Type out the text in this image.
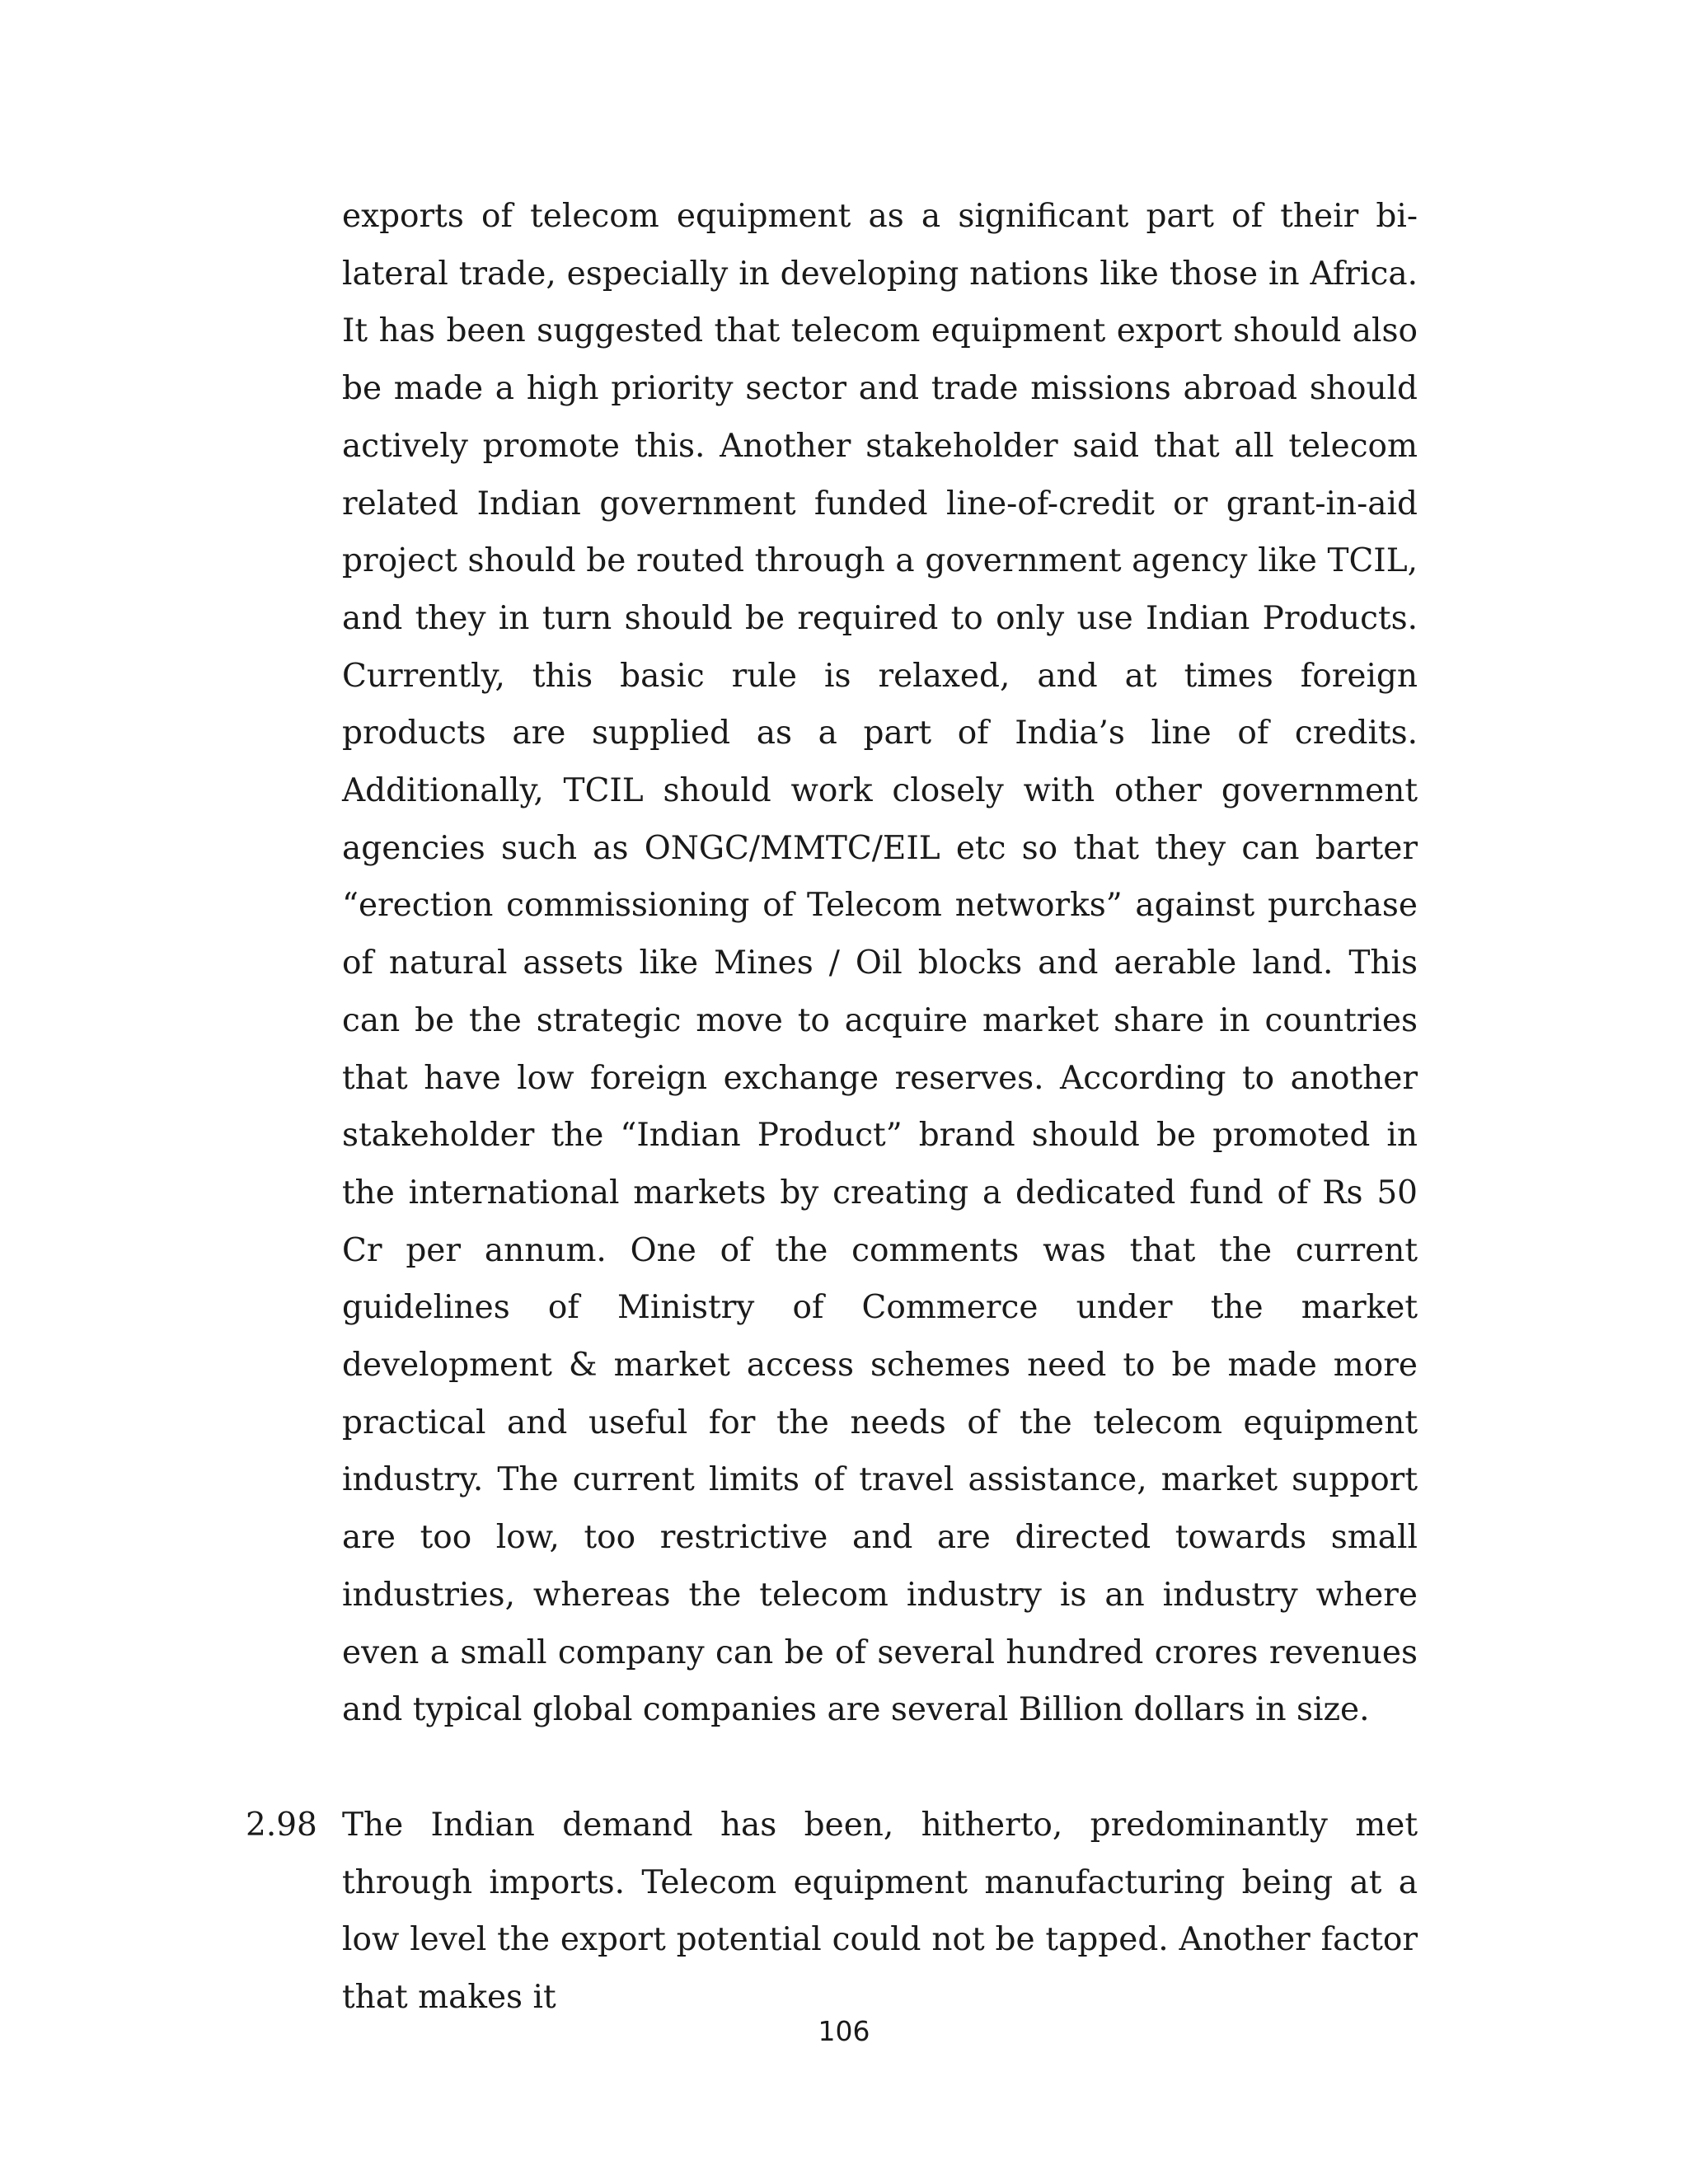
exports of telecom equipment as a significant part of their bi-lateral trade, especially in developing nations like those in Africa. It has been suggested that telecom equipment export should also be made a high priority sector and trade missions abroad should actively promote this. Another stakeholder said that all telecom related Indian government funded line-of-credit or grant-in-aid project should be routed through a government agency like TCIL, and they in turn should be required to only use Indian Products. Currently, this basic rule is relaxed, and at times foreign products are supplied as a part of India’s line of credits. Additionally, TCIL should work closely with other government agencies such as ONGC/MMTC/EIL etc so that they can barter “erection commissioning of Telecom networks” against purchase of natural assets like Mines / Oil blocks and aerable land. This can be the strategic move to acquire market share in countries that have low foreign exchange reserves. According to another stakeholder the “Indian Product” brand should be promoted in the international markets by creating a dedicated fund of Rs 50 Cr per annum. One of the comments was that the current guidelines of Ministry of Commerce under the market development & market access schemes need to be made more practical and useful for the needs of the telecom equipment industry. The current limits of travel assistance, market support are too low, too restrictive and are directed towards small industries, whereas the telecom industry is an industry where even a small company can be of several hundred crores revenues and typical global companies are several Billion dollars in size.

2.98 The Indian demand has been, hitherto, predominantly met through imports. Telecom equipment manufacturing being at a low level the export potential could not be tapped. Another factor that makes it

106
